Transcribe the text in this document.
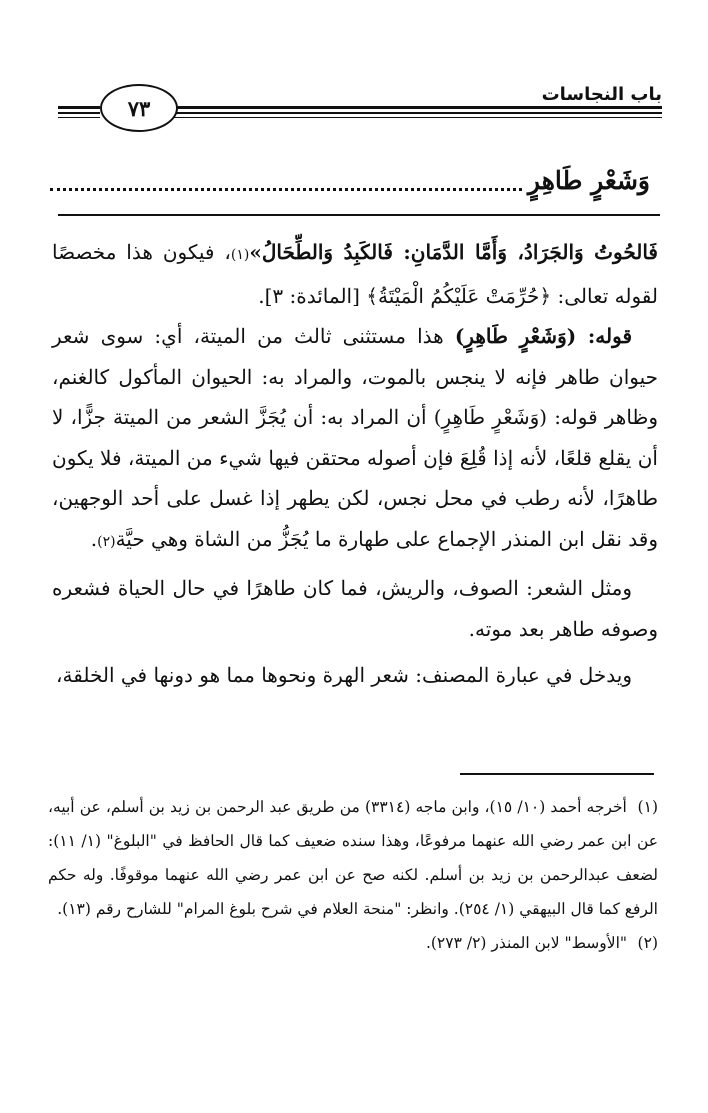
باب النجاسات
٧٣
وَشَعْرٍ طَاهِرٍ

فَالحُوتُ وَالجَرَادُ، وَأَمَّا الدَّمَانِ: فَالكَبِدُ وَالطِّحَالُ»(١)، فيكون هذا مخصصًا لقوله تعالى: ﴿حُرِّمَتْ عَلَيْكُمُ الْمَيْتَةُ﴾ [المائدة: ٣].

قوله: (وَشَعْرٍ طَاهِرٍ) هذا مستثنى ثالث من الميتة، أي: سوى شعر حيوان طاهر فإنه لا ينجس بالموت، والمراد به: الحيوان المأكول كالغنم، وظاهر قوله: (وَشَعْرٍ طَاهِرٍ) أن المراد به: أن يُجَزَّ الشعر من الميتة جزًّا، لا أن يقلع قلعًا، لأنه إذا قُلِعَ فإن أصوله محتقن فيها شيء من الميتة، فلا يكون طاهرًا، لأنه رطب في محل نجس، لكن يطهر إذا غسل على أحد الوجهين، وقد نقل ابن المنذر الإجماع على طهارة ما يُجَزُّ من الشاة وهي حيَّة(٢).

ومثل الشعر: الصوف، والريش، فما كان طاهرًا في حال الحياة فشعره وصوفه طاهر بعد موته.

ويدخل في عبارة المصنف: شعر الهرة ونحوها مما هو دونها في الخلقة،

(١) أخرجه أحمد (١٠/ ١٥)، وابن ماجه (٣٣١٤) من طريق عبد الرحمن بن زيد بن أسلم، عن أبيه، عن ابن عمر رضي الله عنهما مرفوعًا، وهذا سنده ضعيف كما قال الحافظ في "البلوغ" (١/ ١١): لضعف عبدالرحمن بن زيد بن أسلم. لكنه صح عن ابن عمر رضي الله عنهما موقوفًا. وله حكم الرفع كما قال البيهقي (١/ ٢٥٤). وانظر: "منحة العلام في شرح بلوغ المرام" للشارح رقم (١٣).

(٢) "الأوسط" لابن المنذر (٢/ ٢٧٣).
